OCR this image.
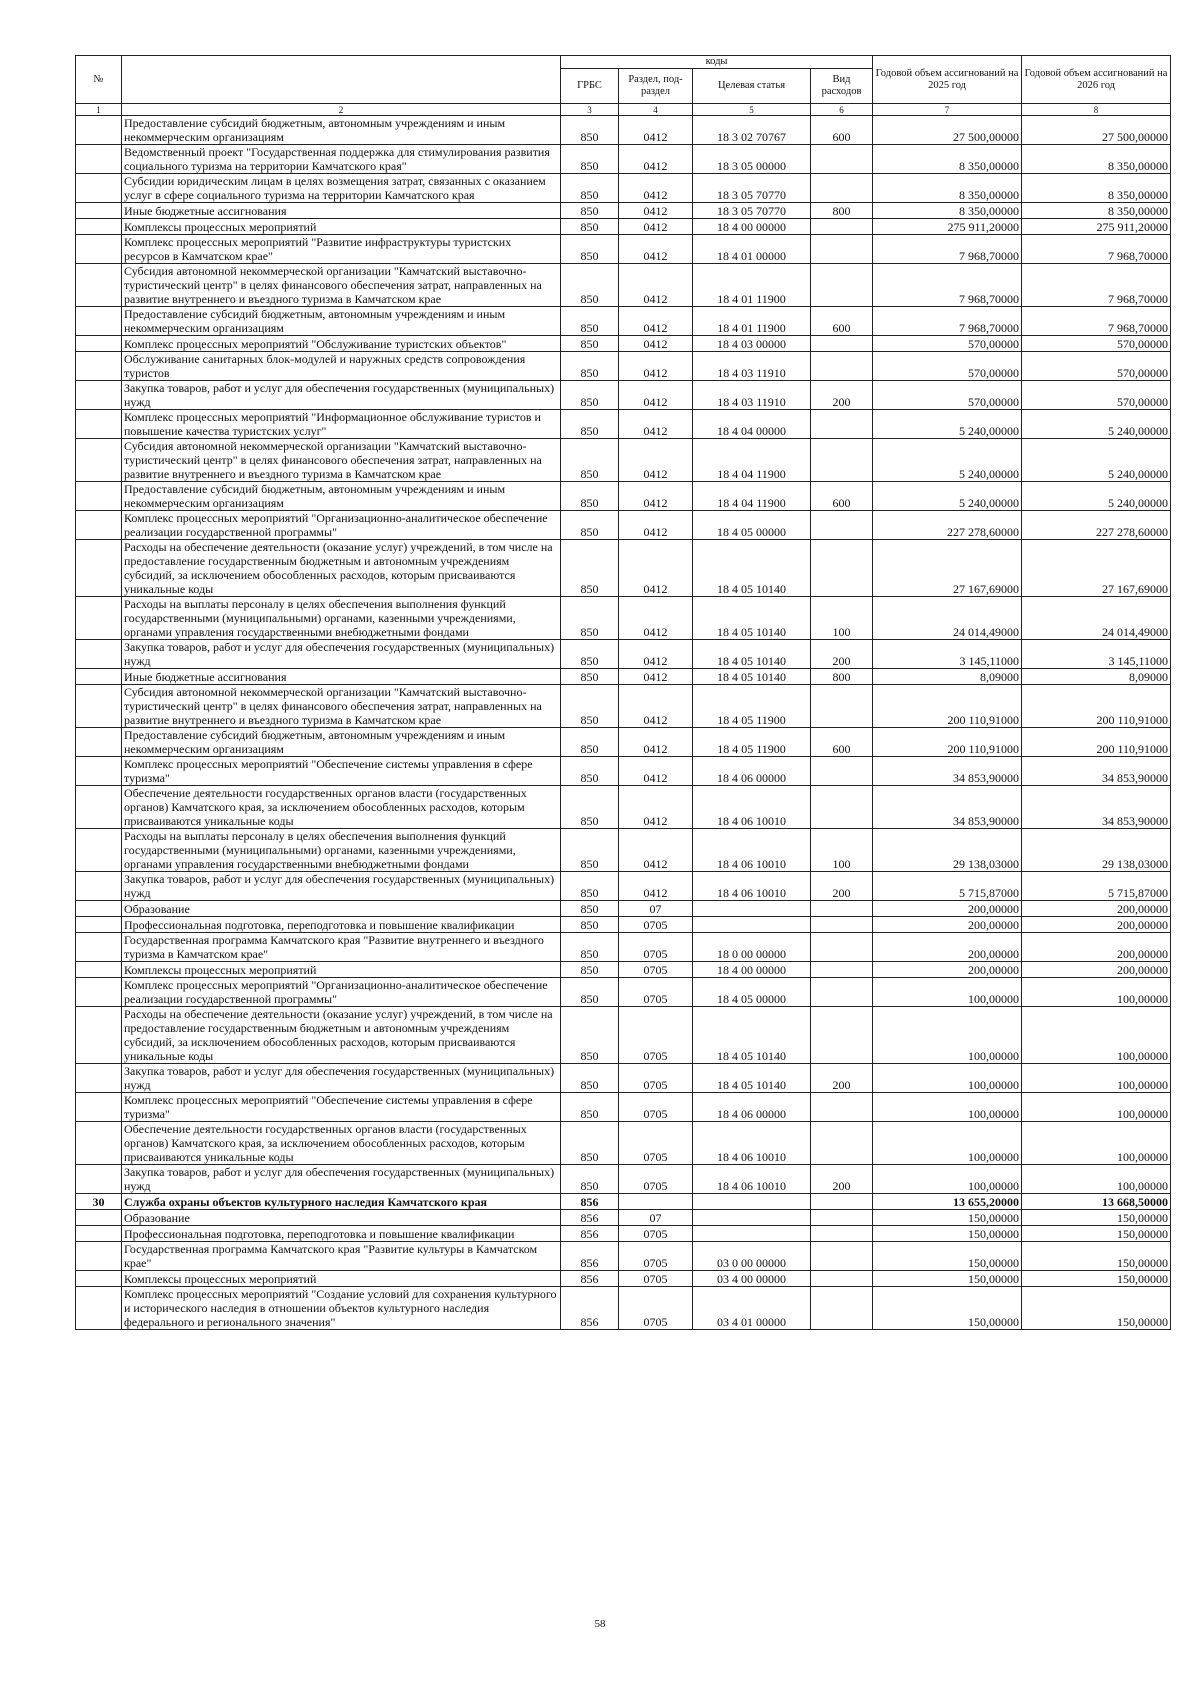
№		коды				Годовой объем ассигнований на 2025 год	Годовой объем ассигнований на 2026 год
		ГРБС	Раздел, под-раздел	Целевая статья	Вид расходов		
1	2	3	4	5	6	7	8
	Предоставление субсидий бюджетным, автономным учреждениям и иным некоммерческим организациям	850	0412	18 3 02 70767	600	27 500,00000	27 500,00000
	Ведомственный проект "Государственная поддержка для стимулирования развития социального туризма на территории Камчатского края"	850	0412	18 3 05 00000		8 350,00000	8 350,00000
	Субсидии юридическим лицам в целях возмещения затрат, связанных с оказанием услуг в сфере социального туризма на территории Камчатского края	850	0412	18 3 05 70770		8 350,00000	8 350,00000
	Иные бюджетные ассигнования	850	0412	18 3 05 70770	800	8 350,00000	8 350,00000
	Комплексы процессных мероприятий	850	0412	18 4 00 00000		275 911,20000	275 911,20000
	Комплекс процессных мероприятий "Развитие инфраструктуры туристских ресурсов в Камчатском крае"	850	0412	18 4 01 00000		7 968,70000	7 968,70000
	Субсидия автономной некоммерческой организации "Камчатский выставочно-туристический центр" в целях финансового обеспечения затрат, направленных на развитие внутреннего и въездного туризма в Камчатском крае	850	0412	18 4 01 11900		7 968,70000	7 968,70000
	Предоставление субсидий бюджетным, автономным учреждениям и иным некоммерческим организациям	850	0412	18 4 01 11900	600	7 968,70000	7 968,70000
	Комплекс процессных мероприятий "Обслуживание туристских объектов"	850	0412	18 4 03 00000		570,00000	570,00000
	Обслуживание санитарных блок-модулей и наружных средств сопровождения туристов	850	0412	18 4 03 11910		570,00000	570,00000
	Закупка товаров, работ и услуг для обеспечения государственных (муниципальных) нужд	850	0412	18 4 03 11910	200	570,00000	570,00000
	Комплекс процессных мероприятий "Информационное обслуживание туристов и повышение качества туристских услуг"	850	0412	18 4 04 00000		5 240,00000	5 240,00000
	Субсидия автономной некоммерческой организации "Камчатский выставочно-туристический центр" в целях финансового обеспечения затрат, направленных на развитие внутреннего и въездного туризма в Камчатском крае	850	0412	18 4 04 11900		5 240,00000	5 240,00000
	Предоставление субсидий бюджетным, автономным учреждениям и иным некоммерческим организациям	850	0412	18 4 04 11900	600	5 240,00000	5 240,00000
	Комплекс процессных мероприятий "Организационно-аналитическое обеспечение реализации государственной программы"	850	0412	18 4 05 00000		227 278,60000	227 278,60000
	Расходы на обеспечение деятельности (оказание услуг) учреждений, в том числе на предоставление государственным бюджетным и автономным учреждениям субсидий, за исключением обособленных расходов, которым присваиваются уникальные коды	850	0412	18 4 05 10140		27 167,69000	27 167,69000
	Расходы на выплаты персоналу в целях обеспечения выполнения функций государственными (муниципальными) органами, казенными учреждениями, органами управления государственными внебюджетными фондами	850	0412	18 4 05 10140	100	24 014,49000	24 014,49000
	Закупка товаров, работ и услуг для обеспечения государственных (муниципальных) нужд	850	0412	18 4 05 10140	200	3 145,11000	3 145,11000
	Иные бюджетные ассигнования	850	0412	18 4 05 10140	800	8,09000	8,09000
	Субсидия автономной некоммерческой организации "Камчатский выставочно-туристический центр" в целях финансового обеспечения затрат, направленных на развитие внутреннего и въездного туризма в Камчатском крае	850	0412	18 4 05 11900		200 110,91000	200 110,91000
	Предоставление субсидий бюджетным, автономным учреждениям и иным некоммерческим организациям	850	0412	18 4 05 11900	600	200 110,91000	200 110,91000
	Комплекс процессных мероприятий "Обеспечение системы управления в сфере туризма"	850	0412	18 4 06 00000		34 853,90000	34 853,90000
	Обеспечение деятельности государственных органов власти (государственных органов) Камчатского края, за исключением обособленных расходов, которым присваиваются уникальные коды	850	0412	18 4 06 10010		34 853,90000	34 853,90000
	Расходы на выплаты персоналу в целях обеспечения выполнения функций государственными (муниципальными) органами, казенными учреждениями, органами управления государственными внебюджетными фондами	850	0412	18 4 06 10010	100	29 138,03000	29 138,03000
	Закупка товаров, работ и услуг для обеспечения государственных (муниципальных) нужд	850	0412	18 4 06 10010	200	5 715,87000	5 715,87000
	Образование	850	07			200,00000	200,00000
	Профессиональная подготовка, переподготовка и повышение квалификации	850	0705			200,00000	200,00000
	Государственная программа Камчатского края "Развитие внутреннего и въездного туризма в Камчатском крае"	850	0705	18 0 00 00000		200,00000	200,00000
	Комплексы процессных мероприятий	850	0705	18 4 00 00000		200,00000	200,00000
	Комплекс процессных мероприятий "Организационно-аналитическое обеспечение реализации государственной программы"	850	0705	18 4 05 00000		100,00000	100,00000
	Расходы на обеспечение деятельности (оказание услуг) учреждений, в том числе на предоставление государственным бюджетным и автономным учреждениям субсидий, за исключением обособленных расходов, которым присваиваются уникальные коды	850	0705	18 4 05 10140		100,00000	100,00000
	Закупка товаров, работ и услуг для обеспечения государственных (муниципальных) нужд	850	0705	18 4 05 10140	200	100,00000	100,00000
	Комплекс процессных мероприятий "Обеспечение системы управления в сфере туризма"	850	0705	18 4 06 00000		100,00000	100,00000
	Обеспечение деятельности государственных органов власти (государственных органов) Камчатского края, за исключением обособленных расходов, которым присваиваются уникальные коды	850	0705	18 4 06 10010		100,00000	100,00000
	Закупка товаров, работ и услуг для обеспечения государственных (муниципальных) нужд	850	0705	18 4 06 10010	200	100,00000	100,00000
30	Служба охраны объектов культурного наследия Камчатского края	856				13 655,20000	13 668,50000
	Образование	856	07			150,00000	150,00000
	Профессиональная подготовка, переподготовка и повышение квалификации	856	0705			150,00000	150,00000
	Государственная программа Камчатского края "Развитие культуры в Камчатском крае"	856	0705	03 0 00 00000		150,00000	150,00000
	Комплексы процессных мероприятий	856	0705	03 4 00 00000		150,00000	150,00000
	Комплекс процессных мероприятий "Создание условий для сохранения культурного и исторического наследия в отношении объектов культурного наследия федерального и регионального значения"	856	0705	03 4 01 00000		150,00000	150,00000
58
